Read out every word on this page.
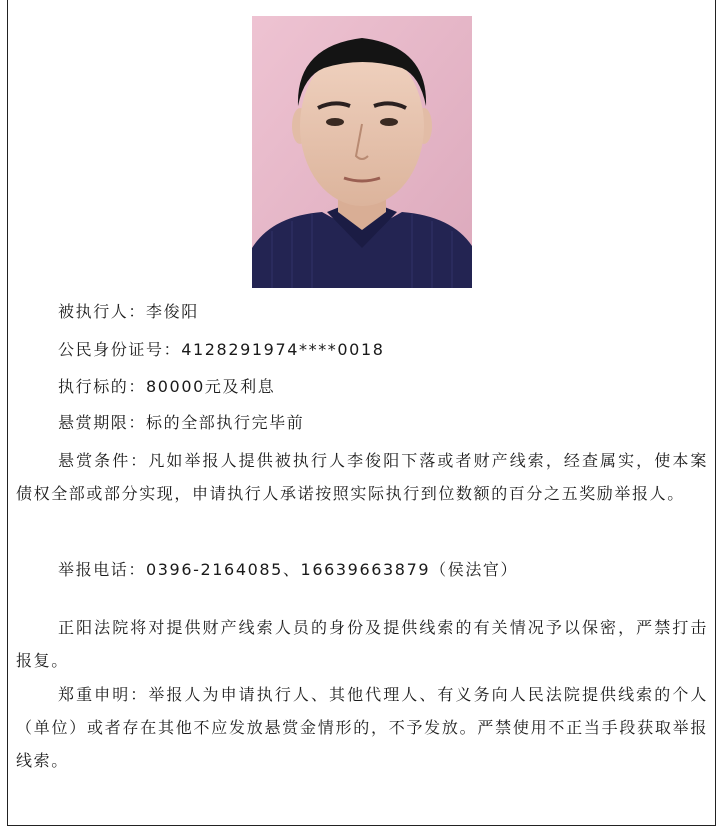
被执行人：李俊阳
公民身份证号：4128291974****0018
执行标的：80000元及利息
悬赏期限：标的全部执行完毕前
悬赏条件：凡如举报人提供被执行人李俊阳下落或者财产线索，经查属实，使本案债权全部或部分实现，申请执行人承诺按照实际执行到位数额的百分之五奖励举报人。
举报电话：0396-2164085、16639663879（侯法官）
正阳法院将对提供财产线索人员的身份及提供线索的有关情况予以保密，严禁打击报复。
郑重申明：举报人为申请执行人、其他代理人、有义务向人民法院提供线索的个人（单位）或者存在其他不应发放悬赏金情形的，不予发放。严禁使用不正当手段获取举报线索。
